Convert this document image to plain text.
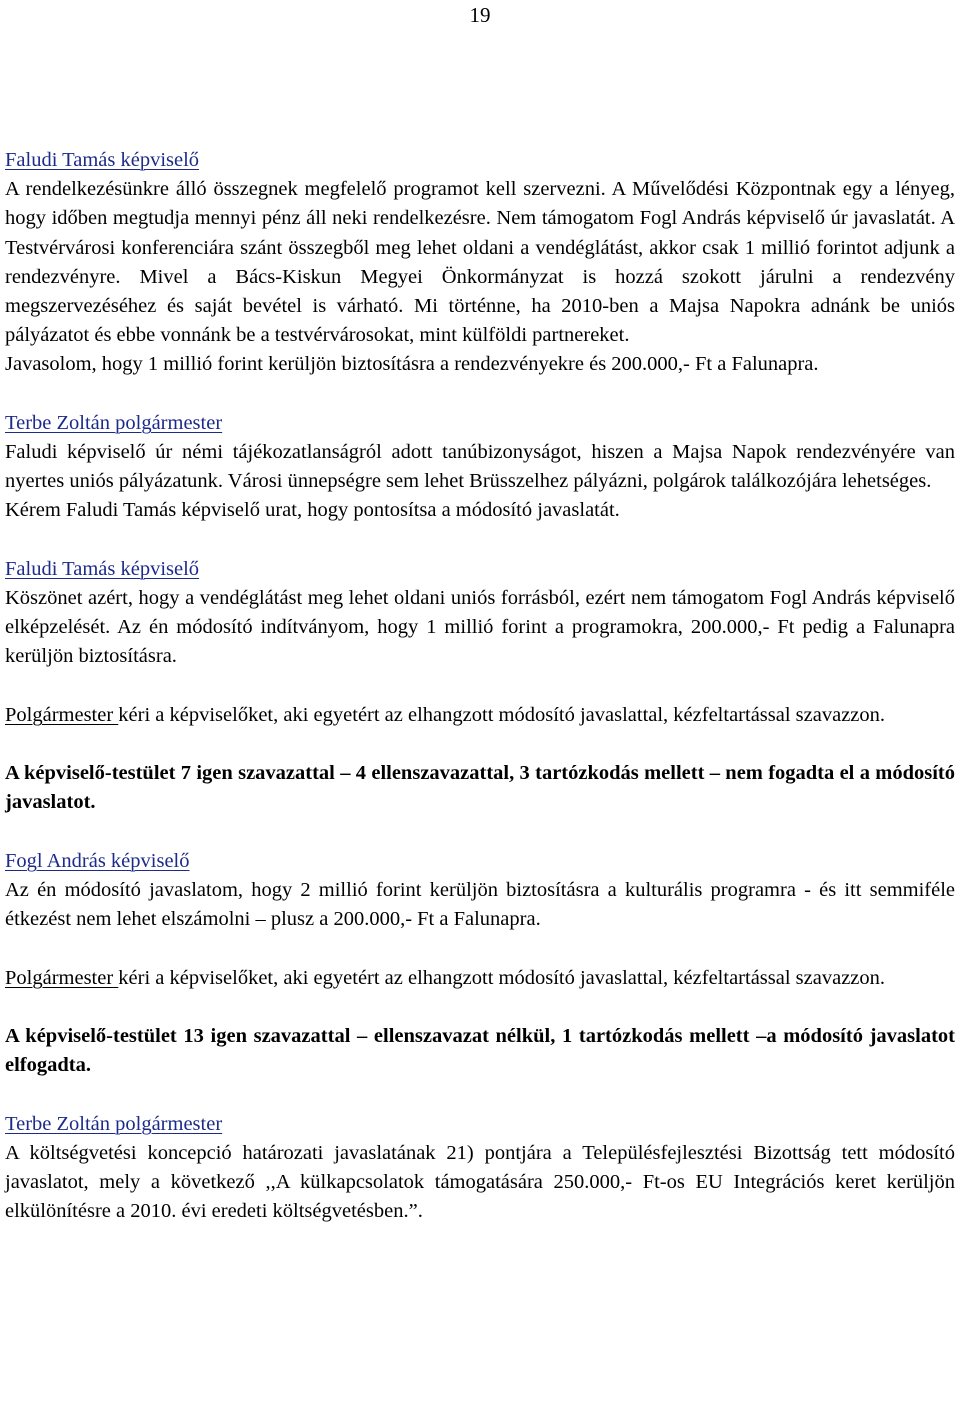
19
Faludi Tamás képviselő

A rendelkezésünkre álló összegnek megfelelő programot kell szervezni. A Művelődési Központnak egy a lényeg, hogy időben megtudja mennyi pénz áll neki rendelkezésre. Nem támogatom Fogl András képviselő úr javaslatát. A Testvérvárosi konferenciára szánt összegből meg lehet oldani a vendéglátást, akkor csak 1 millió forintot adjunk a rendezvényre. Mivel a Bács-Kiskun Megyei Önkormányzat is hozzá szokott járulni a rendezvény megszervezéséhez és saját bevétel is várható. Mi történne, ha 2010-ben a Majsa Napokra adnánk be uniós pályázatot és ebbe vonnánk be a testvérvárosokat, mint külföldi partnereket.

Javasolom, hogy 1 millió forint kerüljön biztosításra a rendezvényekre és 200.000,- Ft a Falunapra.

Terbe Zoltán polgármester

Faludi képviselő úr némi tájékozatlanságról adott tanúbizonyságot, hiszen a Majsa Napok rendezvényére van nyertes uniós pályázatunk. Városi ünnepségre sem lehet Brüsszelhez pályázni, polgárok találkozójára lehetséges.

Kérem Faludi Tamás képviselő urat, hogy pontosítsa a módosító javaslatát.

Faludi Tamás képviselő

Köszönet azért, hogy a vendéglátást meg lehet oldani uniós forrásból, ezért nem támogatom Fogl András képviselő elképzelését. Az én módosító indítványom, hogy 1 millió forint a programokra, 200.000,- Ft pedig a Falunapra kerüljön biztosításra.

Polgármester kéri a képviselőket, aki egyetért az elhangzott módosító javaslattal, kézfeltartással szavazzon.

A képviselő-testület 7 igen szavazattal – 4 ellenszavazattal, 3 tartózkodás mellett – nem fogadta el a módosító javaslatot.

Fogl András képviselő

Az én módosító javaslatom, hogy 2 millió forint kerüljön biztosításra a kulturális programra - és itt semmiféle étkezést nem lehet elszámolni – plusz a 200.000,- Ft a Falunapra.

Polgármester kéri a képviselőket, aki egyetért az elhangzott módosító javaslattal, kézfeltartással szavazzon.

A képviselő-testület 13 igen szavazattal – ellenszavazat nélkül, 1 tartózkodás mellett –a módosító javaslatot elfogadta.

Terbe Zoltán polgármester

A költségvetési koncepció határozati javaslatának 21) pontjára a Településfejlesztési Bizottság tett módosító javaslatot, mely a következő ,,A külkapcsolatok támogatására 250.000,- Ft-os EU Integrációs keret kerüljön elkülönítésre a 2010. évi eredeti költségvetésben.”.
